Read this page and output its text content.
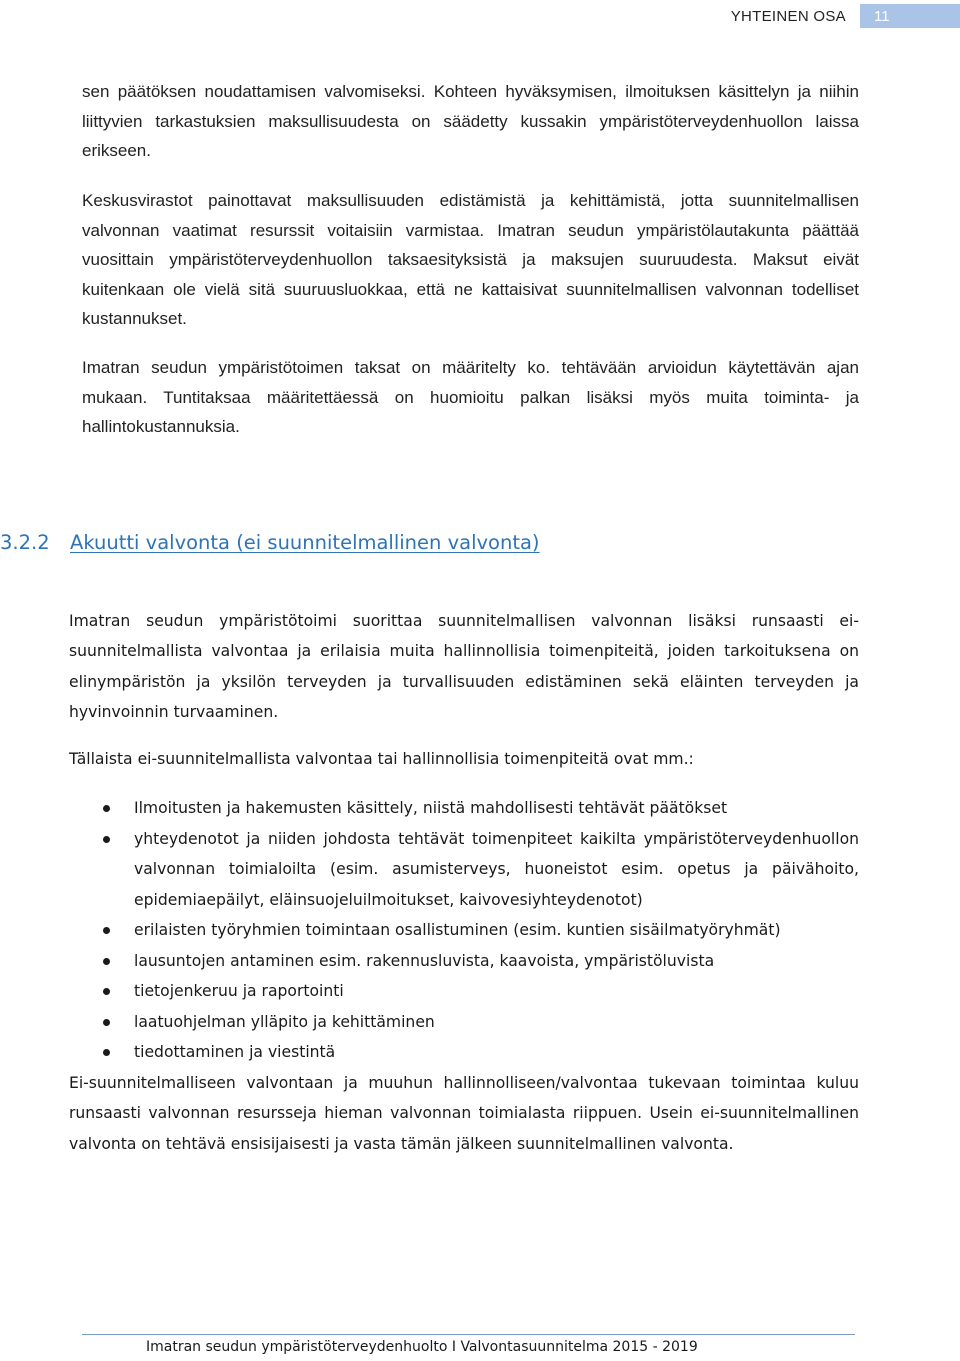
YHTEINEN OSA	11

sen päätöksen noudattamisen valvomiseksi. Kohteen hyväksymisen, ilmoituksen käsittelyn ja niihin liittyvien tarkastuksien maksullisuudesta on säädetty kussakin ympäristöterveydenhuollon laissa erikseen.

Keskusvirastot painottavat maksullisuuden edistämistä ja kehittämistä, jotta suunnitelmallisen valvonnan vaatimat resurssit voitaisiin varmistaa. Imatran seudun ympäristölautakunta päättää vuosittain ympäristöterveydenhuollon taksaesityksistä ja maksujen suuruudesta. Maksut eivät kuitenkaan ole vielä sitä suuruusluokkaa, että ne kattaisivat suunnitelmallisen valvonnan todelliset kustannukset.

Imatran seudun ympäristötoimen taksat on määritelty ko. tehtävään arvioidun käytettävän ajan mukaan. Tuntitaksaa määritettäessä on huomioitu palkan lisäksi myös muita toiminta- ja hallintokustannuksia.

3.2.2 Akuutti valvonta (ei suunnitelmallinen valvonta)

Imatran seudun ympäristötoimi suorittaa suunnitelmallisen valvonnan lisäksi runsaasti ei-suunnitelmallista valvontaa ja erilaisia muita hallinnollisia toimenpiteitä, joiden tarkoituksena on elinympäristön ja yksilön terveyden ja turvallisuuden edistäminen sekä eläinten terveyden ja hyvinvoinnin turvaaminen.

Tällaista ei-suunnitelmallista valvontaa tai hallinnollisia toimenpiteitä ovat mm.:

Ilmoitusten ja hakemusten käsittely, niistä mahdollisesti tehtävät päätökset
yhteydenotot ja niiden johdosta tehtävät toimenpiteet kaikilta ympäristöterveydenhuollon valvonnan toimialoilta (esim. asumisterveys, huoneistot esim. opetus ja päivähoito, epidemiaepäilyt, eläinsuojeluilmoitukset, kaivovesiyhteydenotot)
erilaisten työryhmien toimintaan osallistuminen (esim. kuntien sisäilmatyöryhmät)
lausuntojen antaminen esim. rakennusluvista, kaavoista, ympäristöluvista
tietojenkeruu ja raportointi
laatuohjelman ylläpito ja kehittäminen
tiedottaminen ja viestintä

Ei-suunnitelmalliseen valvontaan ja muuhun hallinnolliseen/valvontaa tukevaan toimintaa kuluu runsaasti valvonnan resursseja hieman valvonnan toimialasta riippuen. Usein ei-suunnitelmallinen valvonta on tehtävä ensisijaisesti ja vasta tämän jälkeen suunnitelmallinen valvonta.

Imatran seudun ympäristöterveydenhuolto I Valvontasuunnitelma 2015 - 2019
